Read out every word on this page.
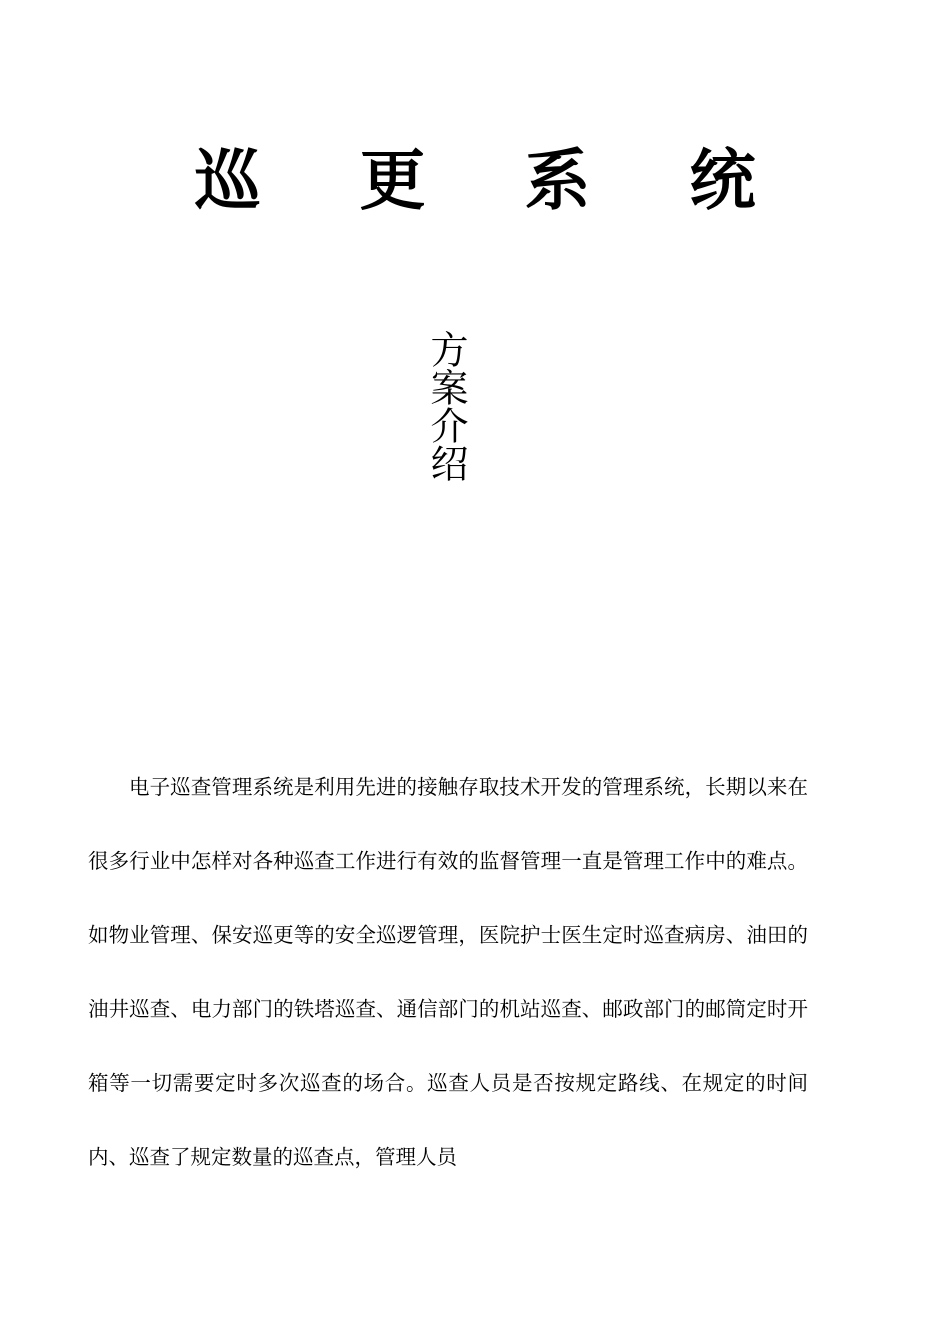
巡 更 系 统
方案介绍

电子巡查管理系统是利用先进的接触存取技术开发的管理系统，长期以来在很多行业中怎样对各种巡查工作进行有效的监督管理一直是管理工作中的难点。如物业管理、保安巡更等的安全巡逻管理，医院护士医生定时巡查病房、油田的油井巡查、电力部门的铁塔巡查、通信部门的机站巡查、邮政部门的邮筒定时开箱等一切需要定时多次巡查的场合。巡查人员是否按规定路线、在规定的时间内、巡查了规定数量的巡查点，管理人员
